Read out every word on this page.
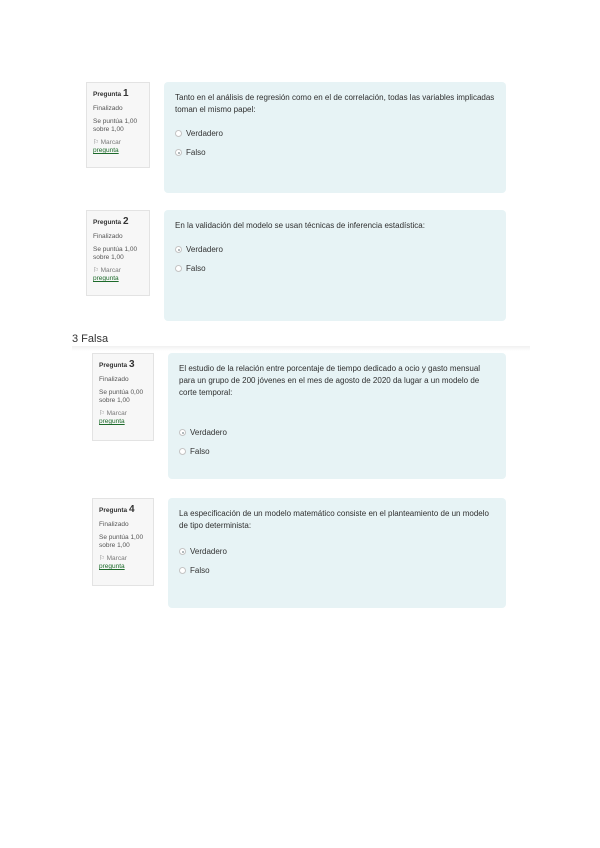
Pregunta 1
Finalizado
Se puntúa 1,00
sobre 1,00
⚐ Marcar
pregunta
Tanto en el análisis de regresión como en el de correlación, todas las variables implicadas toman el mismo papel:
Verdadero
Falso
Pregunta 2
Finalizado
Se puntúa 1,00
sobre 1,00
⚐ Marcar
pregunta
En la validación del modelo se usan técnicas de inferencia estadística:
Verdadero
Falso
3 Falsa
Pregunta 3
Finalizado
Se puntúa 0,00
sobre 1,00
⚐ Marcar
pregunta
El estudio de la relación entre porcentaje de tiempo dedicado a ocio y gasto mensual para un grupo de 200 jóvenes en el mes de agosto de 2020 da lugar a un modelo de corte temporal:
Verdadero
Falso
Pregunta 4
Finalizado
Se puntúa 1,00
sobre 1,00
⚐ Marcar
pregunta
La especificación de un modelo matemático consiste en el planteamiento de un modelo de tipo determinista:
Verdadero
Falso
